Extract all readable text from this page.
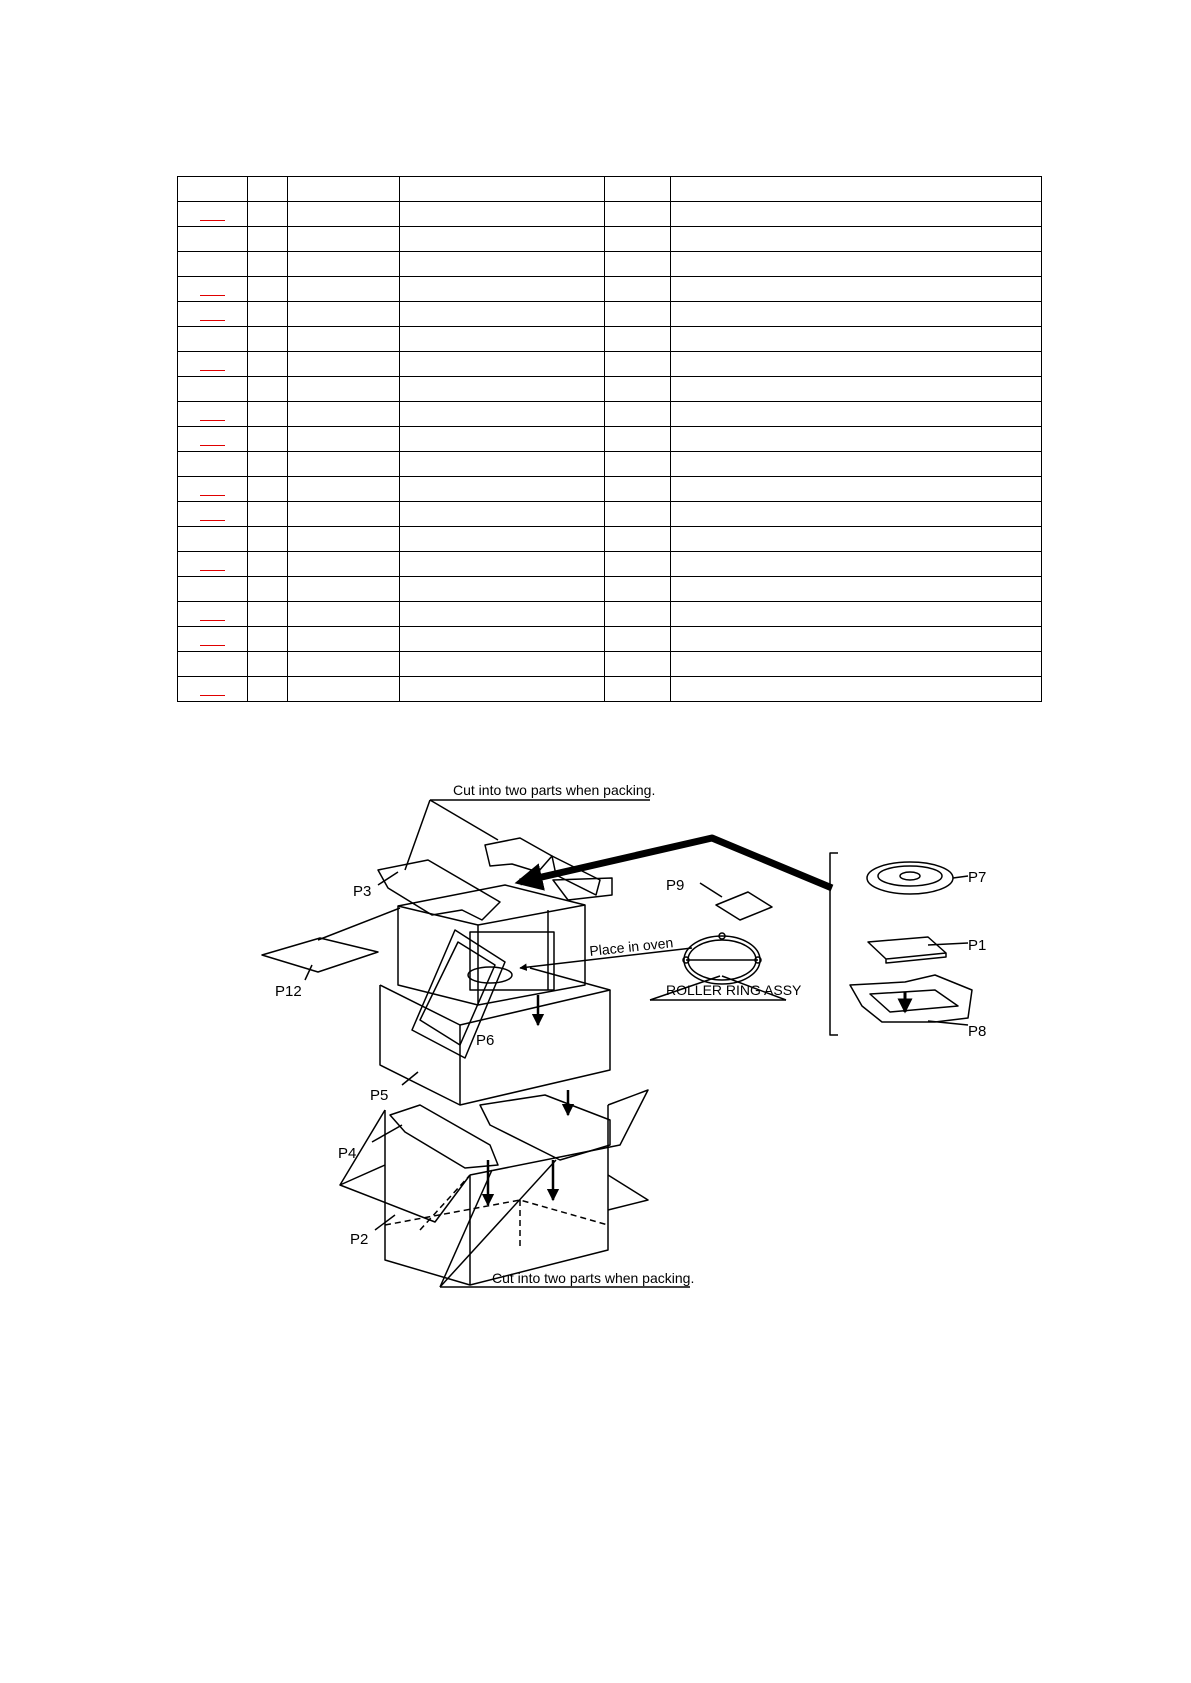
Cut into two parts when packing.
Cut into two parts when packing.
Place in oven
ROLLER RING ASSY
P3	P9	P7
P1
P8
P12
P6
P5
P4
P2
